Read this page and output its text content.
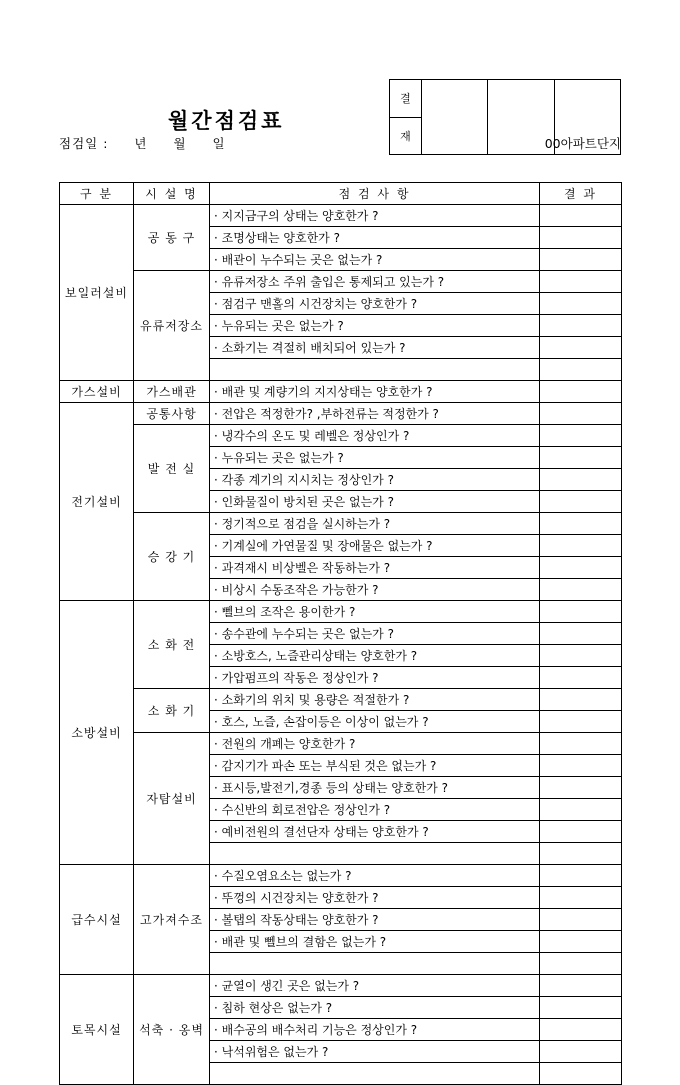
월간점검표
결
재
점검일 : 년 월 일	00아파트단지
구 분	시 설 명	점 검 사 항	결 과
보일러설비	공 동 구	· 지지금구의 상태는 양호한가 ?	
		· 조명상태는 양호한가 ?	
		· 배관이 누수되는 곳은 없는가 ?	
	유류저장소	· 유류저장소 주위 출입은 통제되고 있는가 ?	
		· 점검구 맨홀의 시건장치는 양호한가 ?	
		· 누유되는 곳은 없는가 ?	
		· 소화기는 격절히 배치되어 있는가 ?	

가스설비	가스배관	· 배관 및 계량기의 지지상태는 양호한가 ?	
전기설비	공통사항	· 전압은 적정한가? ,부하전류는 적정한가 ?	
	발 전 실	· 냉각수의 온도 및 레벨은 정상인가 ?	
		· 누유되는 곳은 없는가 ?	
		· 각종 계기의 지시치는 정상인가 ?	
		· 인화물질이 방치된 곳은 없는가 ?	
	승 강 기	· 정기적으로 점검을 실시하는가 ?	
		· 기계실에 가연물질 및 장애물은 없는가 ?	
		· 과격재시 비상벨은 작동하는가 ?	
		· 비상시 수동조작은 가능한가 ?	
소방설비	소 화 전	· 뻴브의 조작은 용이한가 ?	
		· 송수관에 누수되는 곳은 없는가 ?	
		· 소방호스, 노즐관리상태는 양호한가 ?	
		· 가압펌프의 작동은 정상인가 ?	
	소 화 기	· 소화기의 위치 및 용량은 적절한가 ?	
		· 호스, 노즐, 손잡이등은 이상이 없는가 ?	
	자탐설비	· 전원의 개폐는 양호한가 ?	
		· 감지기가 파손 또는 부식된 것은 없는가 ?	
		· 표시등,발전기,경종 등의 상태는 양호한가 ?	
		· 수신반의 회로전압은 정상인가 ?	
		· 예비전원의 결선단자 상태는 양호한가 ?	

급수시설	고가져수조	· 수질오염요소는 없는가 ?	
		· 뚜껑의 시건장치는 양호한가 ?	
		· 볼탭의 작동상태는 양호한가 ?	
		· 배관 및 뻴브의 결함은 없는가 ?	

토목시설	석축 · 옹벽	· 균열이 생긴 곳은 없는가 ?	
		· 침하 현상은 없는가 ?	
		· 배수공의 배수처리 기능은 정상인가 ?	
		· 낙석위험은 없는가 ?	
